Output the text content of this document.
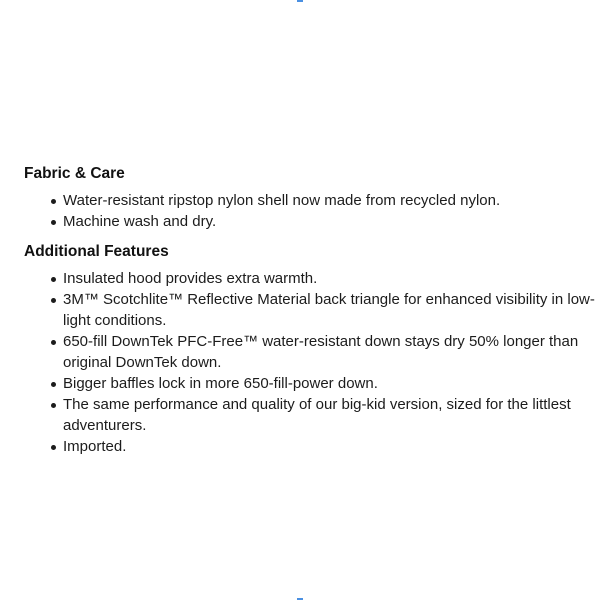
Fabric & Care
Water-resistant ripstop nylon shell now made from recycled nylon.
Machine wash and dry.
Additional Features
Insulated hood provides extra warmth.
3M™ Scotchlite™ Reflective Material back triangle for enhanced visibility in low-light conditions.
650-fill DownTek PFC-Free™ water-resistant down stays dry 50% longer than original DownTek down.
Bigger baffles lock in more 650-fill-power down.
The same performance and quality of our big-kid version, sized for the littlest adventurers.
Imported.
